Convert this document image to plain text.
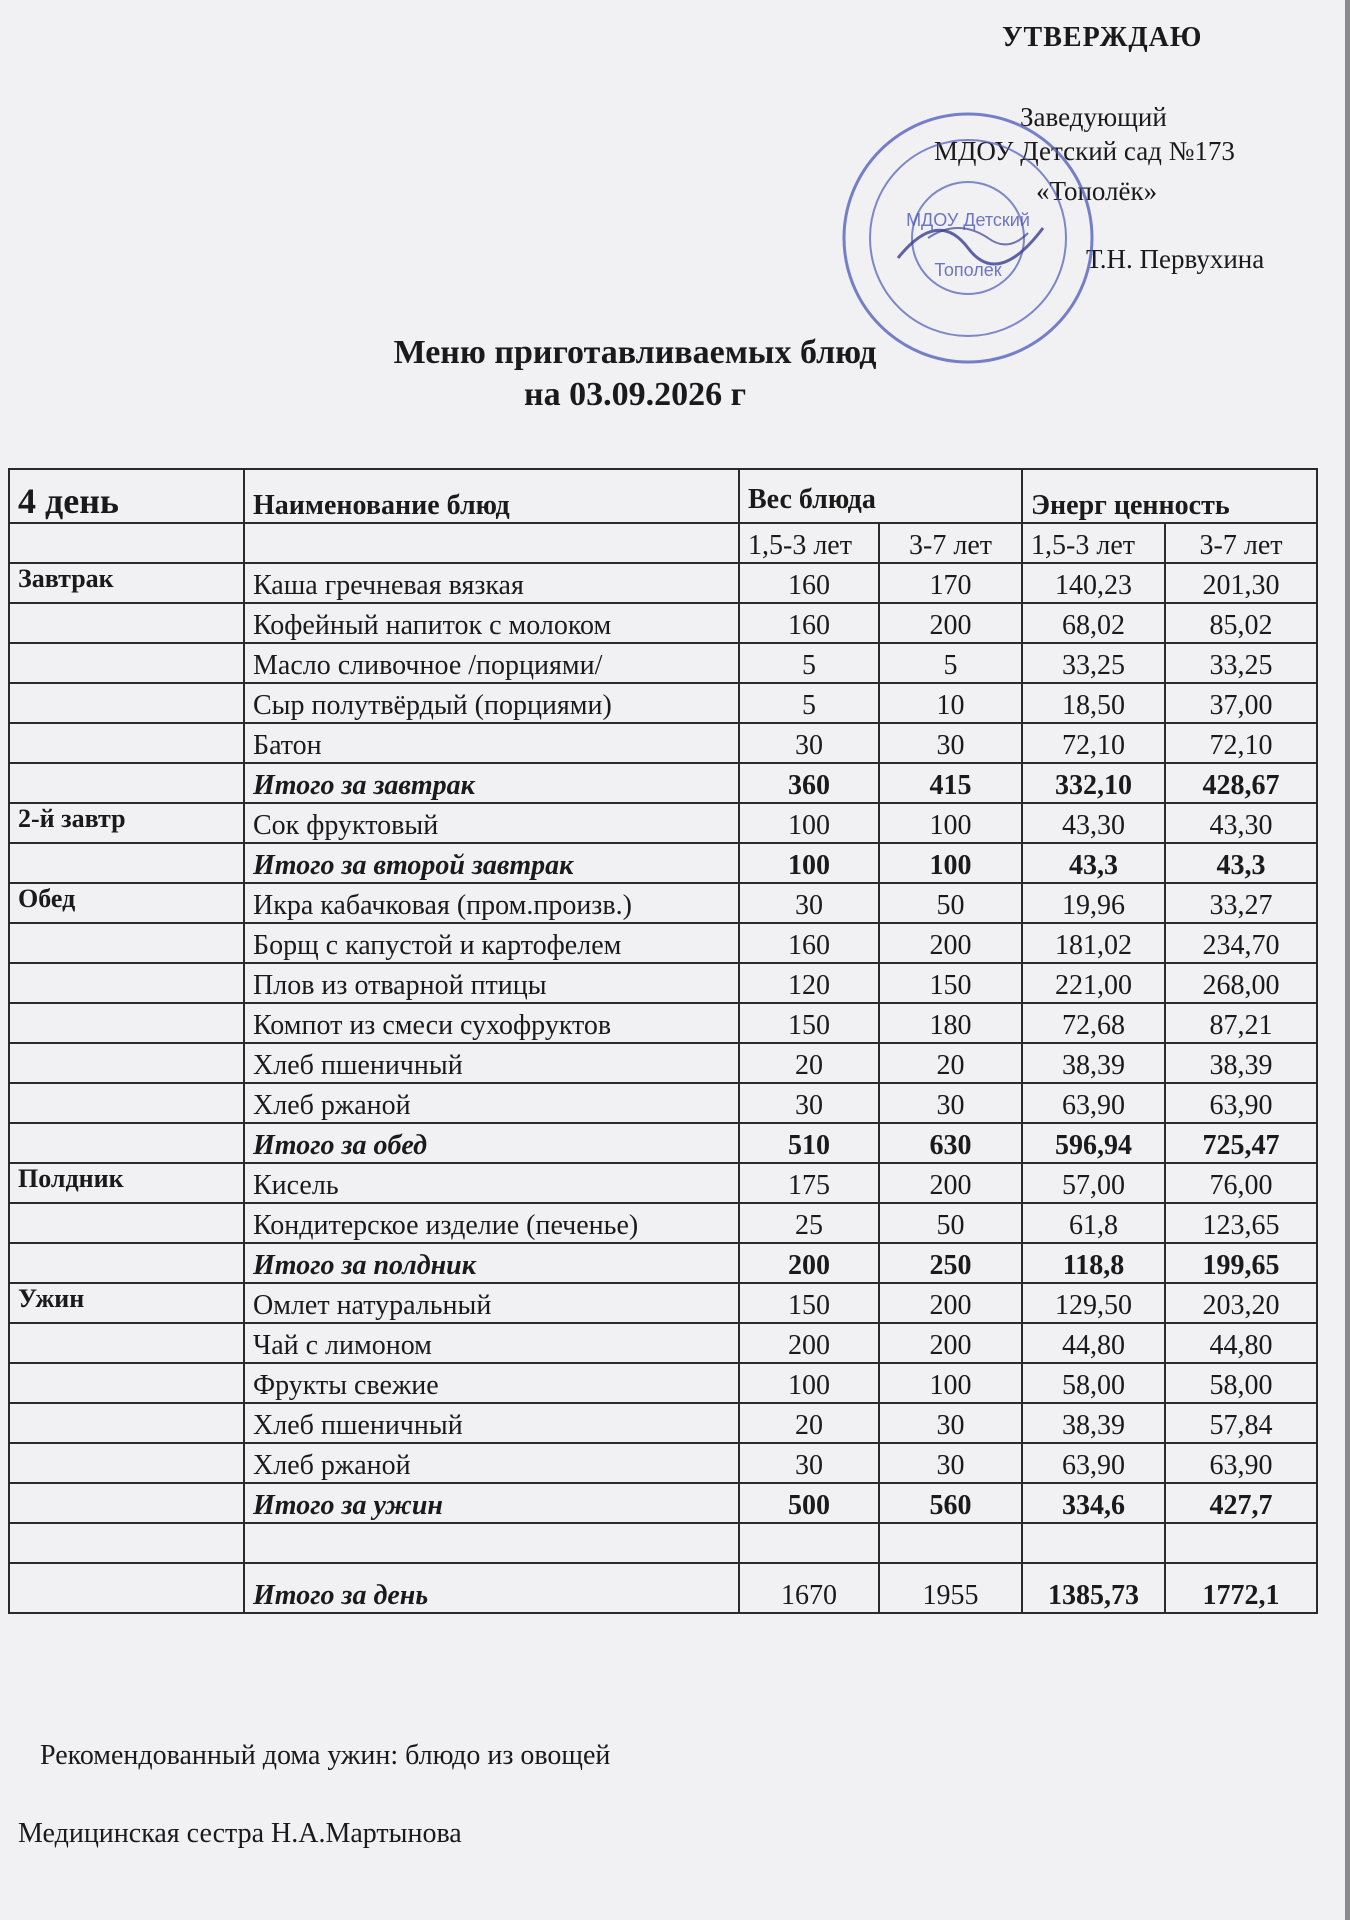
УТВЕРЖДАЮ
Заведующий
МДОУ Детский сад №173
«Тополёк»
Т.Н. Первухина
МДОУ Детский
Тополёк
Меню приготавливаемых блюд
на 03.09.2026 г
4 день	Наименование блюд	Вес блюда		Энерг ценность	
		1,5-3 лет	3-7 лет	1,5-3 лет	3-7 лет
Завтрак	Каша гречневая вязкая	160	170	140,23	201,30
	Кофейный напиток с молоком	160	200	68,02	85,02
	Масло сливочное /порциями/	5	5	33,25	33,25
	Сыр полутвёрдый (порциями)	5	10	18,50	37,00
	Батон	30	30	72,10	72,10
	Итого за завтрак	360	415	332,10	428,67
2-й завтр	Сок фруктовый	100	100	43,30	43,30
	Итого за второй завтрак	100	100	43,3	43,3
Обед	Икра кабачковая (пром.произв.)	30	50	19,96	33,27
	Борщ с капустой и картофелем	160	200	181,02	234,70
	Плов из отварной птицы	120	150	221,00	268,00
	Компот из смеси сухофруктов	150	180	72,68	87,21
	Хлеб пшеничный	20	20	38,39	38,39
	Хлеб ржаной	30	30	63,90	63,90
	Итого за обед	510	630	596,94	725,47
Полдник	Кисель	175	200	57,00	76,00
	Кондитерское изделие (печенье)	25	50	61,8	123,65
	Итого за полдник	200	250	118,8	199,65
Ужин	Омлет натуральный	150	200	129,50	203,20
	Чай с лимоном	200	200	44,80	44,80
	Фрукты свежие	100	100	58,00	58,00
	Хлеб пшеничный	20	30	38,39	57,84
	Хлеб ржаной	30	30	63,90	63,90
	Итого за ужин	500	560	334,6	427,7

	Итого за день	1670	1955	1385,73	1772,1
Рекомендованный дома ужин: блюдо из овощей
Медицинская сестра Н.А.Мартынова
